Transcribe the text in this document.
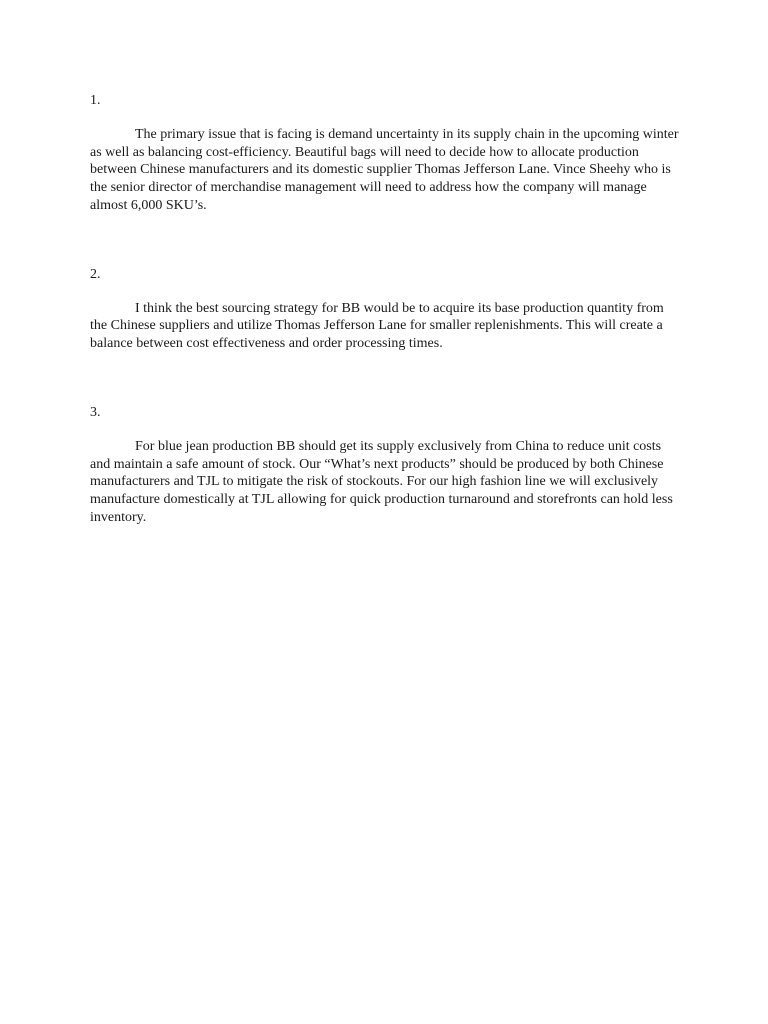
1.

The primary issue that is facing is demand uncertainty in its supply chain in the upcoming winter as well as balancing cost-efficiency. Beautiful bags will need to decide how to allocate production between Chinese manufacturers and its domestic supplier Thomas Jefferson Lane. Vince Sheehy who is the senior director of merchandise management will need to address how the company will manage almost 6,000 SKU’s.

2.

I think the best sourcing strategy for BB would be to acquire its base production quantity from the Chinese suppliers and utilize Thomas Jefferson Lane for smaller replenishments. This will create a balance between cost effectiveness and order processing times.

3.

For blue jean production BB should get its supply exclusively from China to reduce unit costs and maintain a safe amount of stock. Our “What’s next products” should be produced by both Chinese manufacturers and TJL to mitigate the risk of stockouts. For our high fashion line we will exclusively manufacture domestically at TJL allowing for quick production turnaround and storefronts can hold less inventory.
